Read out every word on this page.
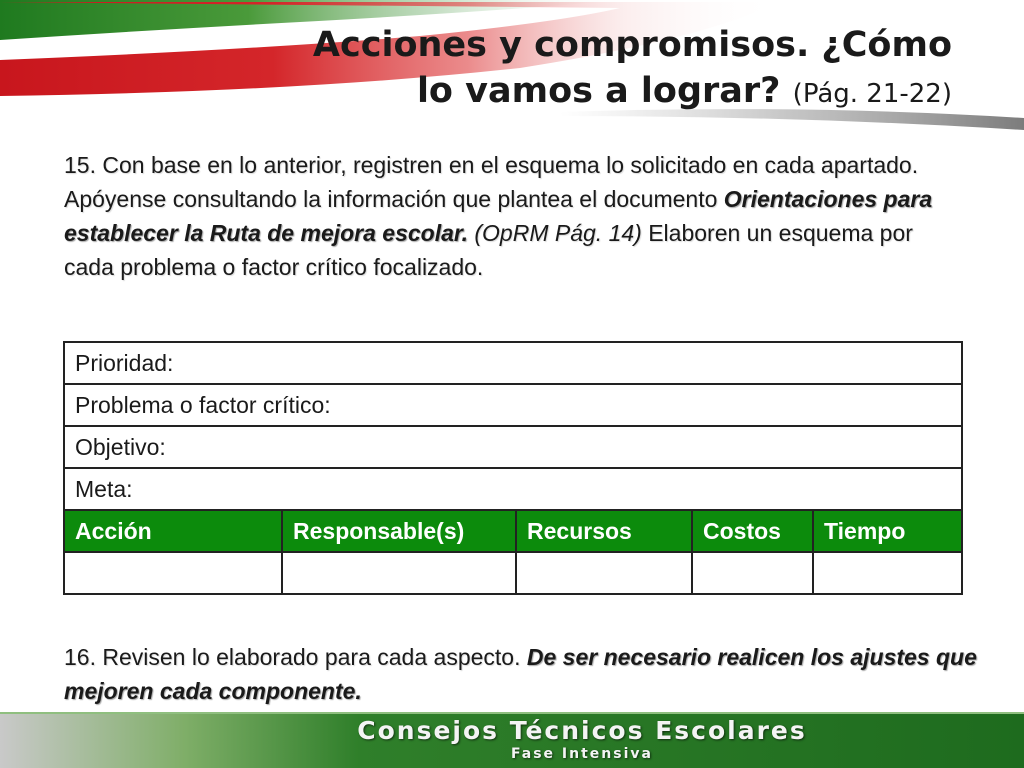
Acciones y compromisos. ¿Cómo
lo vamos a lograr? (Pág. 21-22)
15. Con base en lo anterior, registren en el esquema lo solicitado en cada apartado. Apóyense consultando la información que plantea el documento Orientaciones para establecer la Ruta de mejora escolar. (OpRM Pág. 14) Elaboren un esquema por cada problema o factor crítico focalizado.
Prioridad:				
Problema o factor crítico:				
Objetivo:				
Meta:				
Acción	Responsable(s)	Recursos	Costos	Tiempo

16. Revisen lo elaborado para cada aspecto. De ser necesario realicen los ajustes que mejoren cada componente.
Consejos Técnicos Escolares
Fase Intensiva
